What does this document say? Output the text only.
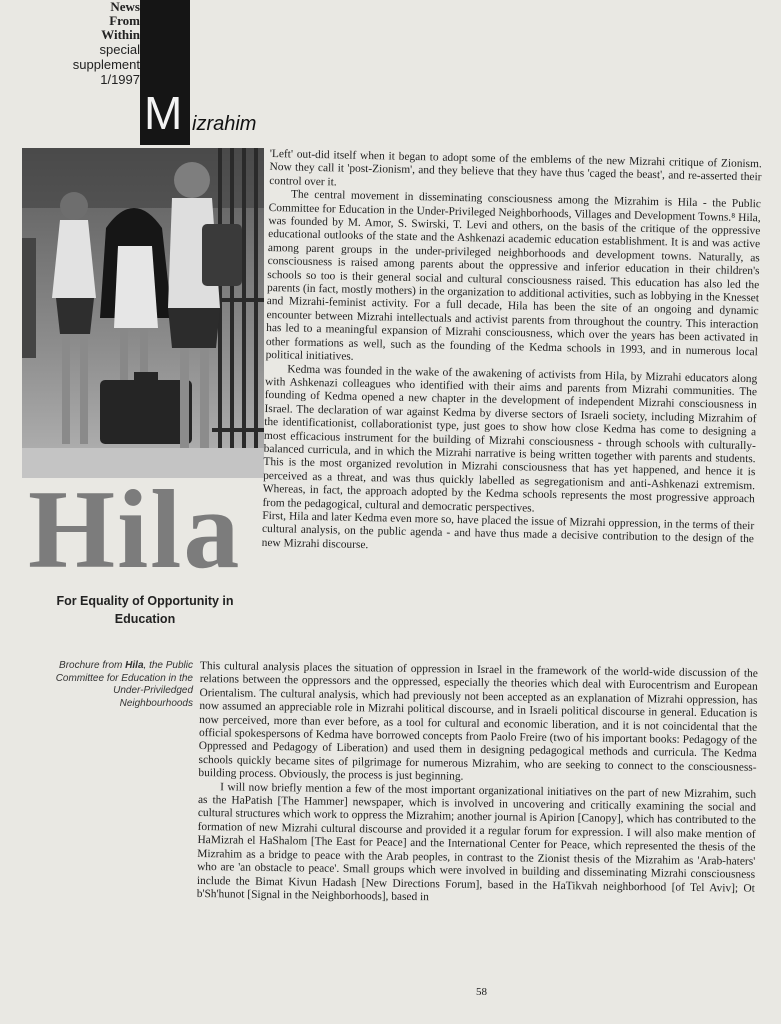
News
From
Within
special
supplement
1/1997
M izrahim
Hila
For Equality of Opportunity in Education
Brochure from Hila, the Public Committee for Education in the Under-Priviledged Neighbourhoods

'Left' out-did itself when it began to adopt some of the emblems of the new Mizrahi critique of Zionism. Now they call it 'post-Zionism', and they believe that they have thus 'caged the beast', and re-asserted their control over it.

The central movement in disseminating consciousness among the Mizrahim is Hila - the Public Committee for Education in the Under-Privileged Neighborhoods, Villages and Development Towns.⁸ Hila, was founded by M. Amor, S. Swirski, T. Levi and others, on the basis of the critique of the oppressive educational outlooks of the state and the Ashkenazi academic education establishment. It is and was active among parent groups in the under-privileged neighborhoods and development towns. Naturally, as consciousness is raised among parents about the oppressive and inferior education in their children's schools so too is their general social and cultural consciousness raised. This education has also led the parents (in fact, mostly mothers) in the organization to additional activities, such as lobbying in the Knesset and Mizrahi-feminist activity. For a full decade, Hila has been the site of an ongoing and dynamic encounter between Mizrahi intellectuals and activist parents from throughout the country. This interaction has led to a meaningful expansion of Mizrahi consciousness, which over the years has been activated in other formations as well, such as the founding of the Kedma schools in 1993, and in numerous local political initiatives.

Kedma was founded in the wake of the awakening of activists from Hila, by Mizrahi educators along with Ashkenazi colleagues who identified with their aims and parents from Mizrahi communities. The founding of Kedma opened a new chapter in the development of independent Mizrahi consciousness in Israel. The declaration of war against Kedma by diverse sectors of Israeli society, including Mizrahim of the identificationist, collaborationist type, just goes to show how close Kedma has come to designing a most efficacious instrument for the building of Mizrahi consciousness - through schools with culturally-balanced curricula, and in which the Mizrahi narrative is being written together with parents and students. This is the most organized revolution in Mizrahi consciousness that has yet happened, and hence it is perceived as a threat, and was thus quickly labelled as segregationism and anti-Ashkenazi extremism. Whereas, in fact, the approach adopted by the Kedma schools represents the most progressive approach from the pedagogical, cultural and democratic perspectives.

First, Hila and later Kedma even more so, have placed the issue of Mizrahi oppression, in the terms of their cultural analysis, on the public agenda - and have thus made a decisive contribution to the design of the new Mizrahi discourse.

This cultural analysis places the situation of oppression in Israel in the framework of the world-wide discussion of the relations between the oppressors and the oppressed, especially the theories which deal with Eurocentrism and European Orientalism. The cultural analysis, which had previously not been accepted as an explanation of Mizrahi oppression, has now assumed an appreciable role in Mizrahi political discourse, and in Israeli political discourse in general. Education is now perceived, more than ever before, as a tool for cultural and economic liberation, and it is not coincidental that the official spokespersons of Kedma have borrowed concepts from Paolo Freire (two of his important books: Pedagogy of the Oppressed and Pedagogy of Liberation) and used them in designing pedagogical methods and curricula. The Kedma schools quickly became sites of pilgrimage for numerous Mizrahim, who are seeking to connect to the consciousness- building process. Obviously, the process is just beginning.

I will now briefly mention a few of the most important organizational initiatives on the part of new Mizrahim, such as the HaPatish [The Hammer] newspaper, which is involved in uncovering and critically examining the social and cultural structures which work to oppress the Mizrahim; another journal is Apirion [Canopy], which has contributed to the formation of new Mizrahi cultural discourse and provided it a regular forum for expression. I will also make mention of HaMizrah el HaShalom [The East for Peace] and the International Center for Peace, which represented the thesis of the Mizrahim as a bridge to peace with the Arab peoples, in contrast to the Zionist thesis of the Mizrahim as 'Arab-haters' who are 'an obstacle to peace'. Small groups which were involved in building and disseminating Mizrahi consciousness include the Bimat Kivun Hadash [New Directions Forum], based in the HaTikvah neighborhood [of Tel Aviv]; Ot b'Sh'hunot [Signal in the Neighborhoods], based in

58
